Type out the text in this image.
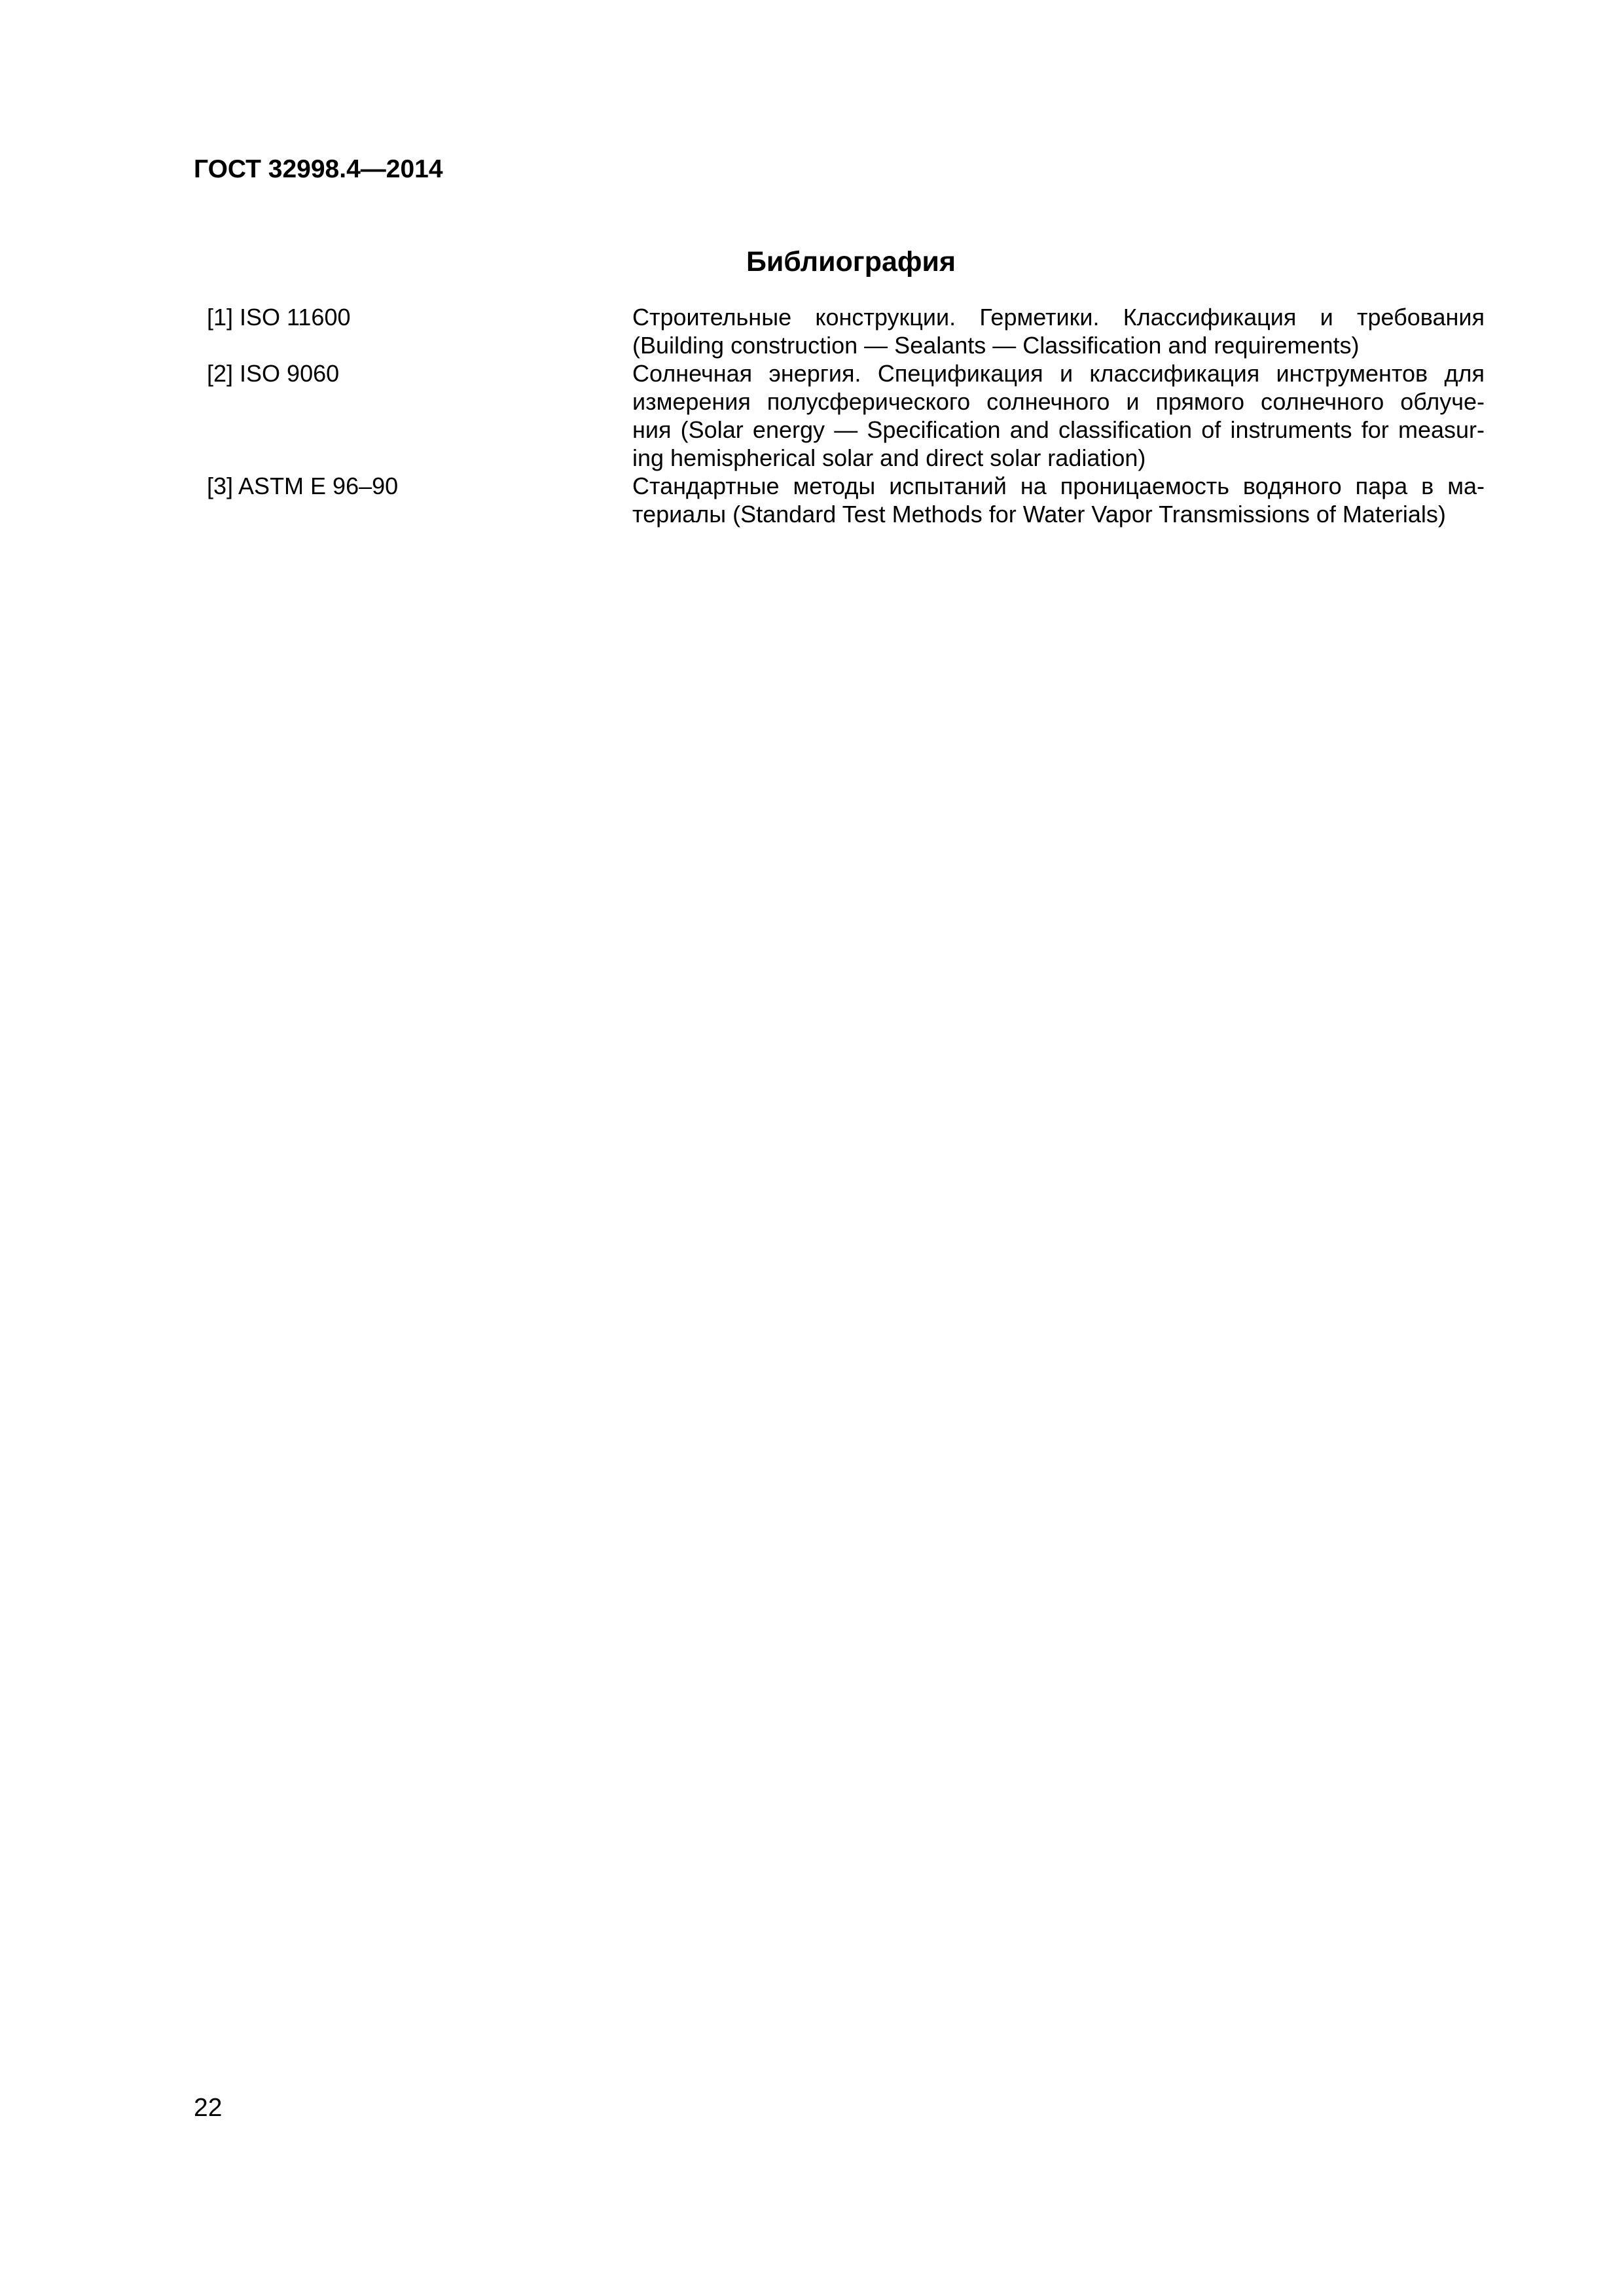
ГОСТ 32998.4—2014
Библиография
[1] ISO 11600	Строительные конструкции. Герметики. Классификация и требования
(Building construction — Sealants — Classification and requirements)
[2] ISO 9060	Солнечная энергия. Спецификация и классификация инструментов для
измерения полусферического солнечного и прямого солнечного облуче-
ния (Solar energy — Specification and classification of instruments for measur-
ing hemispherical solar and direct solar radiation)
[3] ASTM E 96–90	Стандартные методы испытаний на проницаемость водяного пара в ма-
териалы (Standard Test Methods for Water Vapor Transmissions of Materials)
22
